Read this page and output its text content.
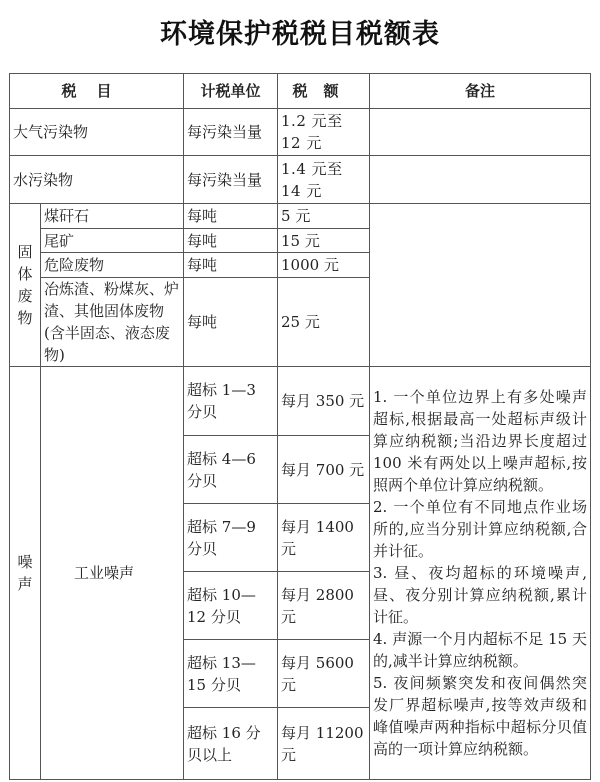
环境保护税税目税额表
税目		计税单位	税额	备注
大气污染物		每污染当量	1.2 元至 12 元	
水污染物		每污染当量	1.4 元至 14 元	

固体废物	煤矸石	每吨	5 元	
	尾矿	每吨	15 元	
	危险废物	每吨	1000 元	
	冶炼渣、粉煤灰、炉渣、其他固体废物(含半固态、液态废物)	每吨	25 元	

噪声	工业噪声	超标 1—3 分贝	每月 350 元	1. 一个单位边界上有多处噪声超标,根据最高一处超标声级计算应纳税额;当沿边界长度超过 100 米有两处以上噪声超标,按照两个单位计算应纳税额。
2. 一个单位有不同地点作业场所的,应当分别计算应纳税额,合并计征。
3. 昼、夜均超标的环境噪声,昼、夜分别计算应纳税额,累计计征。
4. 声源一个月内超标不足 15 天的,减半计算应纳税额。
5. 夜间频繁突发和夜间偶然突发厂界超标噪声,按等效声级和峰值噪声两种指标中超标分贝值高的一项计算应纳税额。

		超标 4—6 分贝	每月 700 元	
		超标 7—9 分贝	每月 1400 元	
		超标 10—12 分贝	每月 2800 元	
		超标 13—15 分贝	每月 5600 元	
		超标 16 分贝以上	每月 11200 元	
